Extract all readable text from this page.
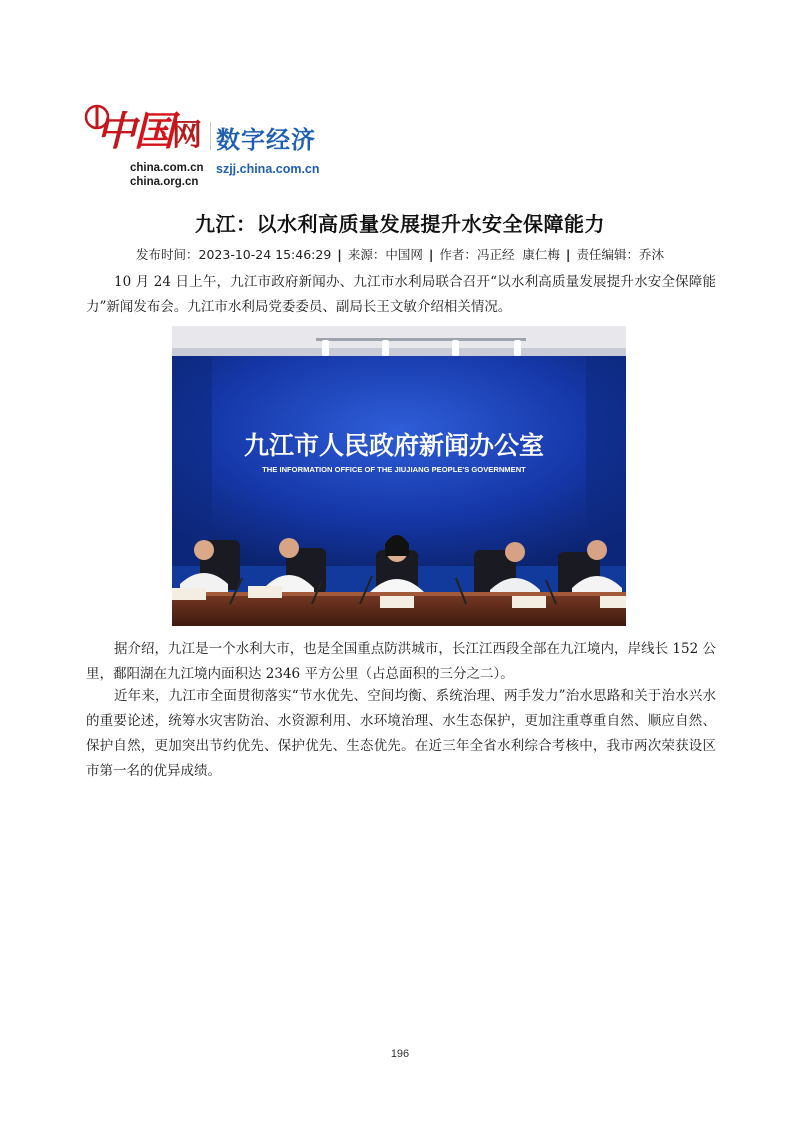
中国网 数字经济
china.com.cn
china.org.cn
szjj.china.com.cn
九江：以水利高质量发展提升水安全保障能力
发布时间：2023-10-24 15:46:29 | 来源：中国网 | 作者：冯正经  康仁梅 | 责任编辑：乔沐

10 月 24 日上午，九江市政府新闻办、九江市水利局联合召开“以水利高质量发展提升水安全保障能力”新闻发布会。九江市水利局党委委员、副局长王文敏介绍相关情况。

九江市人民政府新闻办公室
THE INFORMATION OFFICE OF THE JIUJIANG PEOPLE'S GOVERNMENT

据介绍，九江是一个水利大市，也是全国重点防洪城市，长江江西段全部在九江境内，岸线长 152 公里，鄱阳湖在九江境内面积达 2346 平方公里（占总面积的三分之二）。

近年来，九江市全面贯彻落实“节水优先、空间均衡、系统治理、两手发力”治水思路和关于治水兴水的重要论述，统筹水灾害防治、水资源利用、水环境治理、水生态保护，更加注重尊重自然、顺应自然、保护自然，更加突出节约优先、保护优先、生态优先。在近三年全省水利综合考核中，我市两次荣获设区市第一名的优异成绩。

196
